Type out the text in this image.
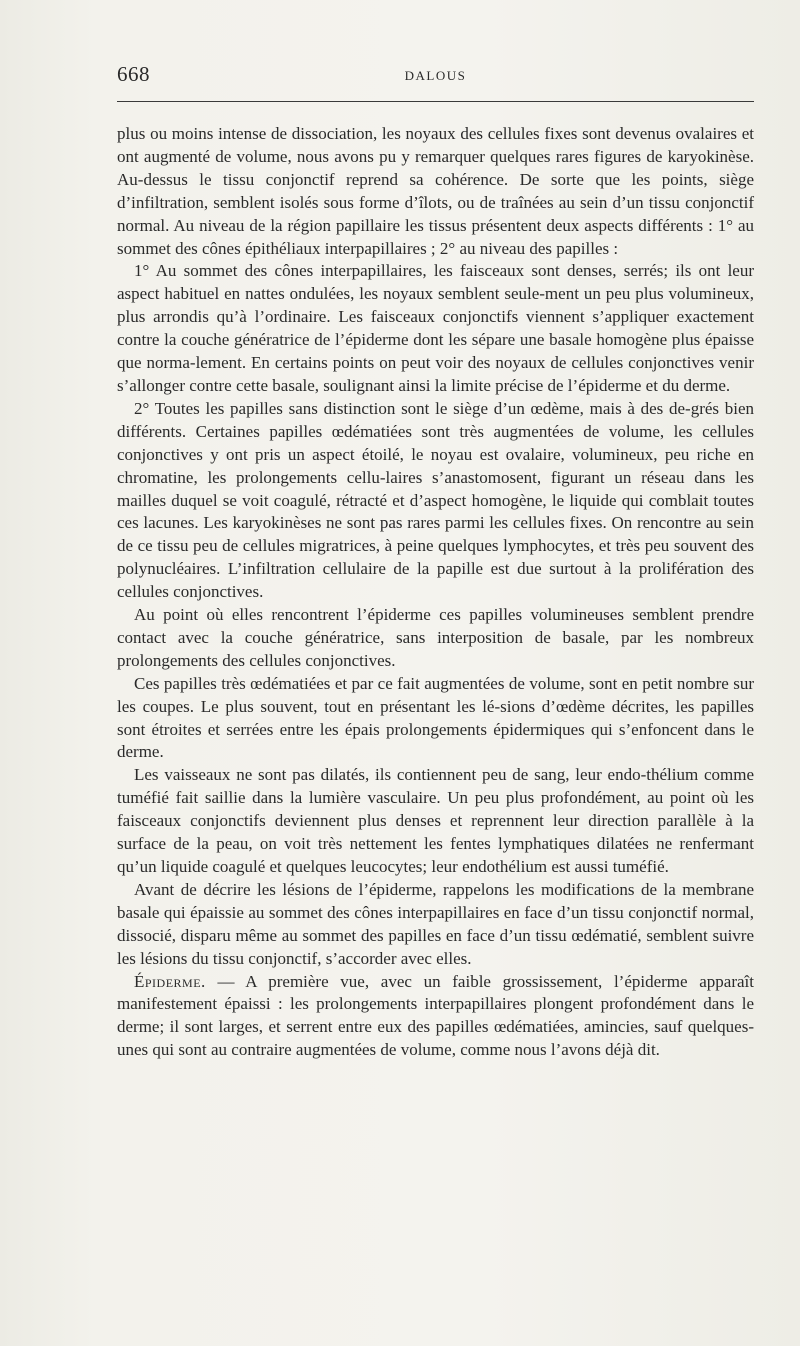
668	DALOUS

plus ou moins intense de dissociation, les noyaux des cellules fixes sont devenus ovalaires et ont augmenté de volume, nous avons pu y remarquer quelques rares figures de karyokinèse. Au-dessus le tissu conjonctif reprend sa cohérence. De sorte que les points, siège d’infiltration, semblent isolés sous forme d’îlots, ou de traînées au sein d’un tissu conjonctif normal. Au niveau de la région papillaire les tissus présentent deux aspects différents : 1° au sommet des cônes épithéliaux interpapillaires ; 2° au niveau des papilles :

1° Au sommet des cônes interpapillaires, les faisceaux sont denses, serrés; ils ont leur aspect habituel en nattes ondulées, les noyaux semblent seule-ment un peu plus volumineux, plus arrondis qu’à l’ordinaire. Les faisceaux conjonctifs viennent s’appliquer exactement contre la couche génératrice de l’épiderme dont les sépare une basale homogène plus épaisse que norma-lement. En certains points on peut voir des noyaux de cellules conjonctives venir s’allonger contre cette basale, soulignant ainsi la limite précise de l’épiderme et du derme.

2° Toutes les papilles sans distinction sont le siège d’un œdème, mais à des de-grés bien différents. Certaines papilles œdématiées sont très augmentées de volume, les cellules conjonctives y ont pris un aspect étoilé, le noyau est ovalaire, volumineux, peu riche en chromatine, les prolongements cellu-laires s’anastomosent, figurant un réseau dans les mailles duquel se voit coagulé, rétracté et d’aspect homogène, le liquide qui comblait toutes ces lacunes. Les karyokinèses ne sont pas rares parmi les cellules fixes. On rencontre au sein de ce tissu peu de cellules migratrices, à peine quelques lymphocytes, et très peu souvent des polynucléaires. L’infiltration cellulaire de la papille est due surtout à la prolifération des cellules conjonctives.

Au point où elles rencontrent l’épiderme ces papilles volumineuses semblent prendre contact avec la couche génératrice, sans interposition de basale, par les nombreux prolongements des cellules conjonctives.

Ces papilles très œdématiées et par ce fait augmentées de volume, sont en petit nombre sur les coupes. Le plus souvent, tout en présentant les lé-sions d’œdème décrites, les papilles sont étroites et serrées entre les épais prolongements épidermiques qui s’enfoncent dans le derme.

Les vaisseaux ne sont pas dilatés, ils contiennent peu de sang, leur endo-thélium comme tuméfié fait saillie dans la lumière vasculaire. Un peu plus profondément, au point où les faisceaux conjonctifs deviennent plus denses et reprennent leur direction parallèle à la surface de la peau, on voit très nettement les fentes lymphatiques dilatées ne renfermant qu’un liquide coagulé et quelques leucocytes; leur endothélium est aussi tuméfié.

Avant de décrire les lésions de l’épiderme, rappelons les modifications de la membrane basale qui épaissie au sommet des cônes interpapillaires en face d’un tissu conjonctif normal, dissocié, disparu même au sommet des papilles en face d’un tissu œdématié, semblent suivre les lésions du tissu conjonctif, s’accorder avec elles.

Épiderme. — A première vue, avec un faible grossissement, l’épiderme apparaît manifestement épaissi : les prolongements interpapillaires plongent profondément dans le derme; il sont larges, et serrent entre eux des papilles œdématiées, amincies, sauf quelques-unes qui sont au contraire augmentées de volume, comme nous l’avons déjà dit.
